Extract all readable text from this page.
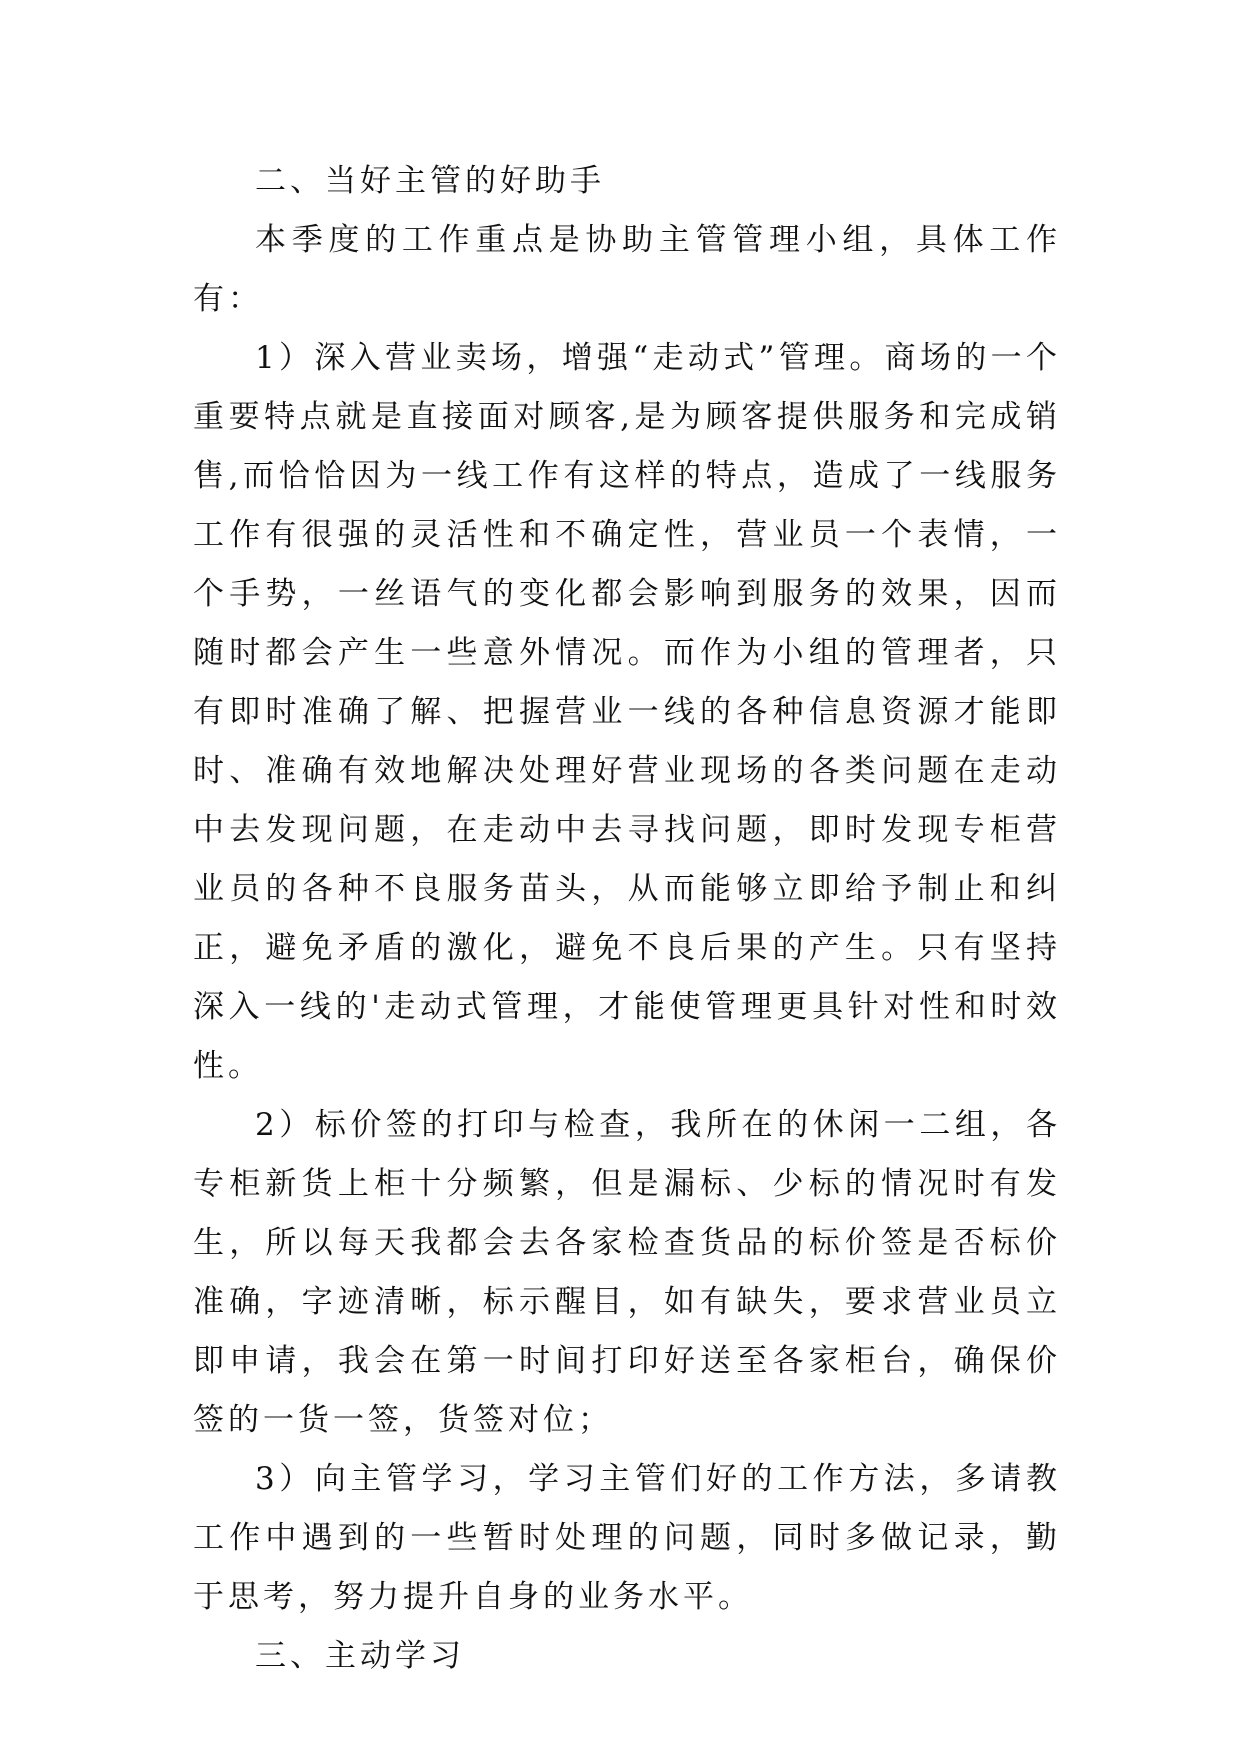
二、当好主管的好助手

本季度的工作重点是协助主管管理小组，具体工作有：

1）深入营业卖场，增强“走动式”管理。商场的一个重要特点就是直接面对顾客,是为顾客提供服务和完成销售,而恰恰因为一线工作有这样的特点，造成了一线服务工作有很强的灵活性和不确定性，营业员一个表情，一个手势，一丝语气的变化都会影响到服务的效果，因而随时都会产生一些意外情况。而作为小组的管理者，只有即时准确了解、把握营业一线的各种信息资源才能即时、准确有效地解决处理好营业现场的各类问题在走动中去发现问题，在走动中去寻找问题，即时发现专柜营业员的各种不良服务苗头，从而能够立即给予制止和纠正，避免矛盾的激化，避免不良后果的产生。只有坚持深入一线的'走动式管理，才能使管理更具针对性和时效性。

2）标价签的打印与检查，我所在的休闲一二组，各专柜新货上柜十分频繁，但是漏标、少标的情况时有发生，所以每天我都会去各家检查货品的标价签是否标价准确，字迹清晰，标示醒目，如有缺失，要求营业员立即申请，我会在第一时间打印好送至各家柜台，确保价签的一货一签，货签对位；

3）向主管学习，学习主管们好的工作方法，多请教工作中遇到的一些暂时处理的问题，同时多做记录，勤于思考，努力提升自身的业务水平。

三、主动学习
